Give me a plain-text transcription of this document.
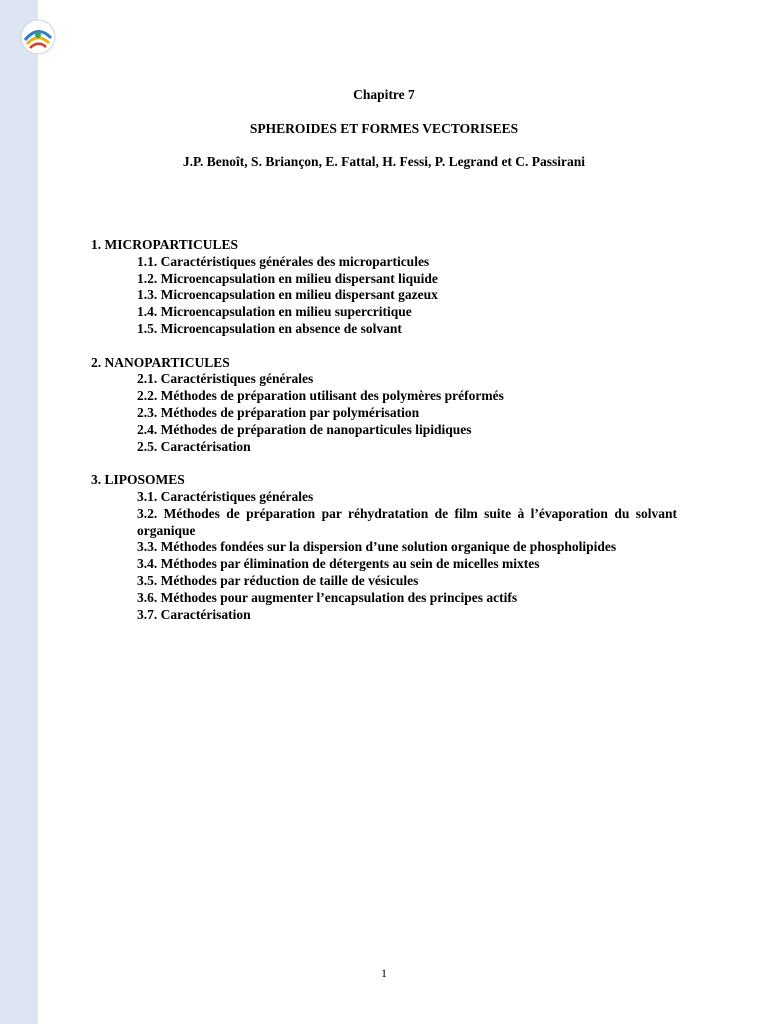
Chapitre 7
SPHEROIDES ET FORMES VECTORISEES
J.P. Benoît, S. Briançon, E. Fattal, H. Fessi, P. Legrand et C. Passirani
1. MICROPARTICULES
1.1. Caractéristiques générales des microparticules
1.2. Microencapsulation en milieu dispersant liquide
1.3. Microencapsulation en milieu dispersant gazeux
1.4. Microencapsulation en milieu supercritique
1.5. Microencapsulation en absence de solvant
2. NANOPARTICULES
2.1. Caractéristiques générales
2.2. Méthodes de préparation utilisant des polymères préformés
2.3. Méthodes de préparation par polymérisation
2.4. Méthodes de préparation de nanoparticules lipidiques
2.5. Caractérisation
3. LIPOSOMES
3.1. Caractéristiques générales
3.2. Méthodes de préparation par réhydratation de film suite à l’évaporation du solvant organique
3.3. Méthodes fondées sur la dispersion d’une solution organique de phospholipides
3.4. Méthodes par élimination de détergents au sein de micelles mixtes
3.5. Méthodes par réduction de taille de vésicules
3.6. Méthodes pour augmenter l’encapsulation des principes actifs
3.7. Caractérisation
1
